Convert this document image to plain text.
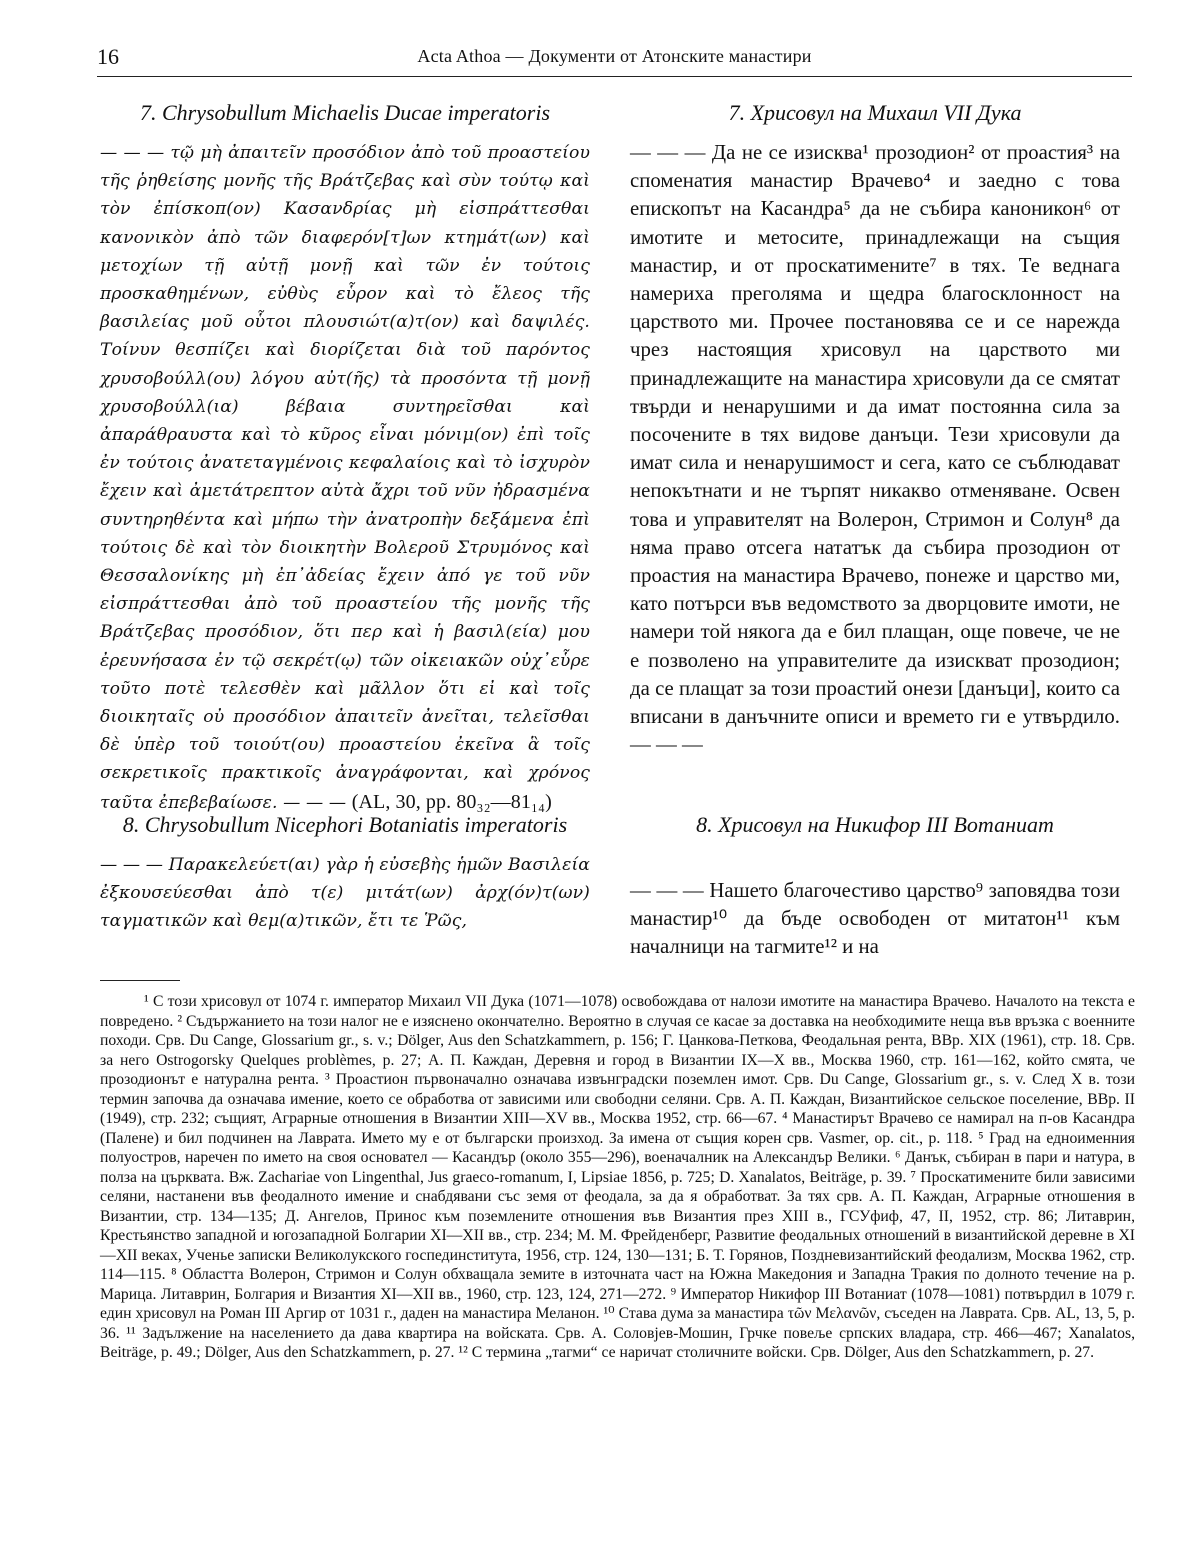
16	Acta Athoa — Документи от Атонските манастири
7. Chrysobullum Michaelis Ducae imperatoris
— — — τῷ μὴ ἀπαιτεῖν προσόδιον ἀπὸ τοῦ προαστείου τῆς ῥηθείσης μονῆς τῆς Βράτζεβας καὶ σὺν τούτῳ καὶ τὸν ἐπίσκοπ(ον) Κασανδρίας μὴ εἰσπράττεσθαι κανονικὸν ἀπὸ τῶν διαφερόν[τ]ων κτημάτ(ων) καὶ μετοχίων τῇ αὐτῇ μονῇ καὶ τῶν ἐν τούτοις προσκαθημένων, εὐθὺς εὗρον καὶ τὸ ἔλεος τῆς βασιλείας μοῦ οὗτοι πλουσιώτ(α)τ(ον) καὶ δαψιλές. Τοίνυν θεσπίζει καὶ διορίζεται διὰ τοῦ παρόντος χρυσοβούλλ(ου) λόγου αὐτ(ῆς) τὰ προσόντα τῇ μονῇ χρυσοβούλλ(ια) βέβαια συντηρεῖσθαι καὶ ἀπαράθραυστα καὶ τὸ κῦρος εἶναι μόνιμ(ον) ἐπὶ τοῖς ἐν τούτοις ἀνατεταγμένοις κεφαλαίοις καὶ τὸ ἰσχυρὸν ἔχειν καὶ ἀμετάτρεπτον αὐτὰ ἄχρι τοῦ νῦν ἠδρασμένα συντηρηθέντα καὶ μήπω τὴν ἀνατροπὴν δεξάμενα ἐπὶ τούτοις δὲ καὶ τὸν διοικητὴν Βολεροῦ Στρυμόνος καὶ Θεσσαλονίκης μὴ ἐπ᾽ἀδείας ἔχειν ἀπό γε τοῦ νῦν εἰσπράττεσθαι ἀπὸ τοῦ προαστείου τῆς μονῆς τῆς Βράτζεβας προσόδιον, ὅτι περ καὶ ἡ βασιλ(εία) μου ἐρευνήσασα ἐν τῷ σεκρέτ(ῳ) τῶν οἰκειακῶν οὐχ᾽εὗρε τοῦτο ποτὲ τελεσθὲν καὶ μᾶλλον ὅτι εἰ καὶ τοῖς διοικηταῖς οὐ προσόδιον ἀπαιτεῖν ἀνεῖται, τελεῖσθαι δὲ ὑπὲρ τοῦ τοιούτ(ου) προαστείου ἐκεῖνα ἃ τοῖς σεκρετικοῖς πρακτικοῖς ἀναγράφονται, καὶ χρόνος ταῦτα ἐπεβεβαίωσε. — — — (AL, 30, pp. 80₃₂—81₁₄)
7. Хрисовул на Михаил VII Дука
— — — Да не се изисква¹ прозодион² от проастия³ на споменатия манастир Врачево⁴ и заедно с това епископът на Касандра⁵ да не събира каноникон⁶ от имотите и метосите, принадлежащи на същия манастир, и от проскатимените⁷ в тях. Те веднага намериха преголяма и щедра благосклонност на царството ми. Прочее постановява се и се нарежда чрез настоящия хрисовул на царството ми принадлежащите на манастира хрисовули да се смятат твърди и ненарушими и да имат постоянна сила за посочените в тях видове данъци. Тези хрисовули да имат сила и ненарушимост и сега, като се съблюдават непокътнати и не търпят никакво отменяване. Освен това и управителят на Волерон, Стримон и Солун⁸ да няма право отсега нататък да събира прозодион от проастия на манастира Врачево, понеже и царство ми, като потърси във ведомството за дворцовите имоти, не намери той някога да е бил плащан, още повече, че не е позволено на управителите да изискват прозодион; да се плащат за този проастий онези [данъци], които са вписани в данъчните описи и времето ги е утвърдило. — — —
8. Chrysobullum Nicephori Botaniatis imperatoris
— — — Παρακελεύετ(αι) γὰρ ἡ εὐσεβὴς ἡμῶν Βασιλεία ἐξκουσεύεσθαι ἀπὸ τ(ε) μιτάτ(ων) ἀρχ(όν)τ(ων) ταγματικῶν καὶ θεμ(α)τικῶν, ἔτι τε Ῥῶς,
8. Хрисовул на Никифор III Вотаниат
— — — Нашето благочестиво царство⁹ заповядва този манастир¹⁰ да бъде освободен от митатон¹¹ към началници на тагмите¹² и на

¹ С този хрисовул от 1074 г. император Михаил VII Дука (1071—1078) освобождава от налози имотите на манастира Врачево. Началото на текста е повредено. ² Съдържанието на този налог не е изяснено окончателно. Вероятно в случая се касае за доставка на необходимите неща във връзка с военните походи. Срв. Du Cange, Glossarium gr., s. v.; Dölger, Aus den Schatzkammern, p. 156; Г. Цанкова-Петкова, Феодальная рента, ВВр. XIX (1961), стр. 18. Срв. за него Ostrogorsky Quelques problèmes, p. 27; А. П. Каждан, Деревня и город в Византии IX—X вв., Москва 1960, стр. 161—162, който смята, че прозодионът е натурална рента. ³ Проастион първоначално означава извънградски поземлен имот. Срв. Du Cange, Glossarium gr., s. v. След X в. този термин започва да означава имение, което се обработва от зависими или свободни селяни. Срв. А. П. Каждан, Византийское сельское поселение, ВВр. II (1949), стр. 232; същият, Аграрные отношения в Византии XIII—XV вв., Москва 1952, стр. 66—67. ⁴ Манастирът Врачево се намирал на п-ов Касандра (Палене) и бил подчинен на Лаврата. Името му е от български произход. За имена от същия корен срв. Vasmer, op. cit., p. 118. ⁵ Град на едноименния полуостров, наречен по името на своя основател — Касандър (около 355—296), военачалник на Александър Велики. ⁶ Данък, събиран в пари и натура, в полза на църквата. Вж. Zachariae von Lingenthal, Jus graeco-romanum, I, Lipsiae 1856, p. 725; D. Xanalatos, Beiträge, p. 39. ⁷ Проскатимените били зависими селяни, настанени във феодалното имение и снабдявани със земя от феодала, за да я обработват. За тях срв. А. П. Каждан, Аграрные отношения в Византии, стр. 134—135; Д. Ангелов, Принос към поземлените отношения във Византия през XIII в., ГСУфиф, 47, II, 1952, стр. 86; Литаврин, Крестьянство западной и югозападной Болгарии XI—XII вв., стр. 234; М. М. Фрейденберг, Развитие феодальных отношений в византийской деревне в XI—XII веках, Ученье записки Великолукского госпединститута, 1956, стр. 124, 130—131; Б. Т. Горянов, Поздневизантийский феодализм, Москва 1962, стр. 114—115. ⁸ Областта Волерон, Стримон и Солун обхващала земите в източната част на Южна Македония и Западна Тракия по долното течение на р. Марица. Литаврин, Болгария и Византия XI—XII вв., 1960, стр. 123, 124, 271—272. ⁹ Император Никифор III Вотаниат (1078—1081) потвърдил в 1079 г. един хрисовул на Роман III Аргир от 1031 г., даден на манастира Меланон. ¹⁰ Става дума за манастира τῶν Μελανῶν, съседен на Лаврата. Срв. AL, 13, 5, p. 36. ¹¹ Задължение на населението да дава квартира на войската. Срв. А. Соловјев-Мошин, Грчке повеље српских владара, стр. 466—467; Xanalatos, Beiträge, p. 49.; Dölger, Aus den Schatzkammern, p. 27. ¹² С термина „тагми“ се наричат столичните войски. Срв. Dölger, Aus den Schatzkammern, p. 27.
